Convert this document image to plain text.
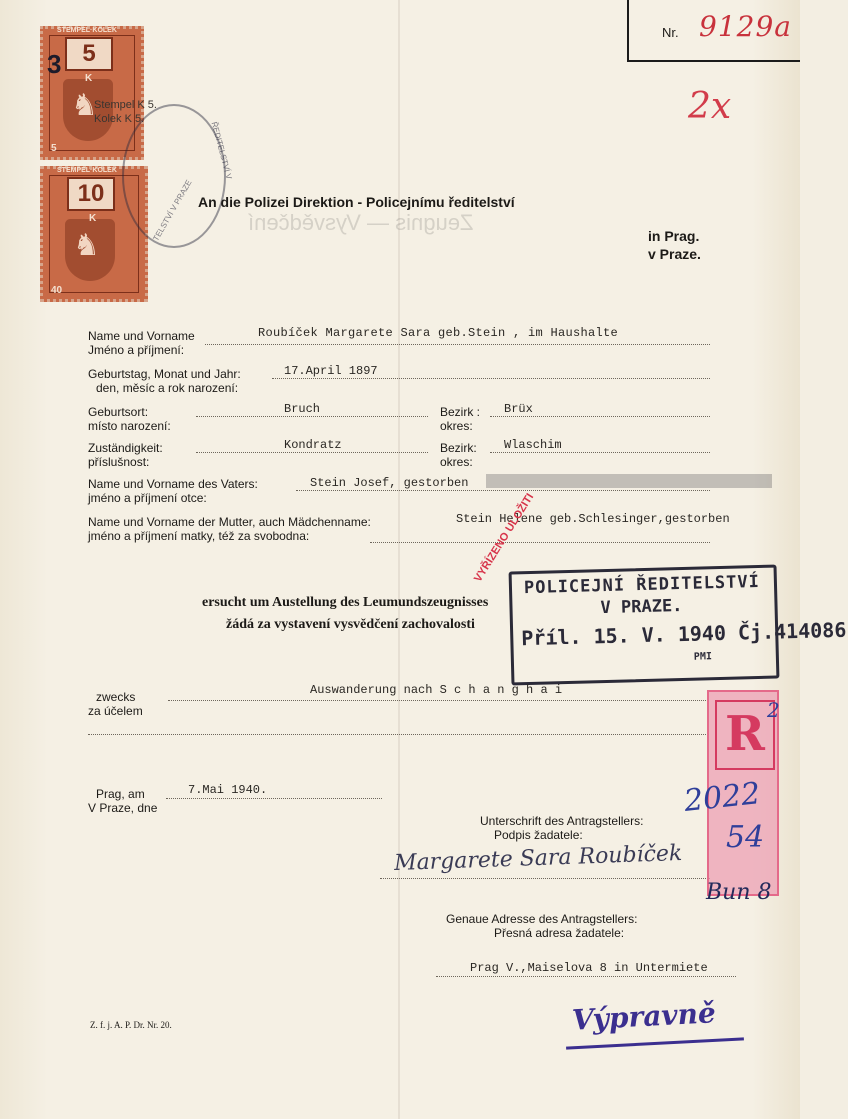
Zeugnis — Vysvědčení
Nr. 9129a
2x
STEMPEL·KOLEK
5
♞
K
5
3
STEMPEL·KOLEK
10
♞
K
40
Stempel K 5.
Kolek K 5.
ŘEDITELSTVÍ V
TELSTVÍ V PRAZE An die Polizei Direktion - Policejnímu ředitelství
in Prag.
v Praze.
Name und Vorname
Jméno a příjmení:
Roubíček Margarete Sara geb.Stein , im Haushalte
Geburtstag, Monat und Jahr:
den, měsíc a rok narození:
17.April 1897
Geburtsort:
místo narození:
Bruch	Bezirk :
okres:
Brüx
Zuständigkeit:
příslušnost:
Kondratz	Bezirk:
okres:
Wlaschim
Name und Vorname des Vaters:
jméno a příjmení otce:
Stein Josef, gestorben
Name und Vorname der Mutter, auch Mädchenname:
jméno a příjmení matky, též za svobodna:
Stein Helene geb.Schlesinger,gestorben
ersucht um Austellung des Leumundszeugnisses
žádá za vystavení vysvědčení zachovalosti
POLICEJNÍ ŘEDITELSTVÍ
V PRAZE.
Příl. 15. V. 1940 Čj.414086
PMI
VYŘÍZENO ULOŽITI
zwecks
za účelem
Auswanderung nach S c h a n g h a i
Prag, am
V Praze, dne
7.Mai 1940.
Unterschrift des Antragstellers:
Podpis žadatele:
Margarete Sara Roubíček
Genaue Adresse des Antragstellers:
Přesná adresa žadatele:
Prag V.,Maiselova 8 in Untermiete
R 2
2022
54
Bun 8
Z. f. j. A. P. Dr. Nr. 20.	Výpravně
